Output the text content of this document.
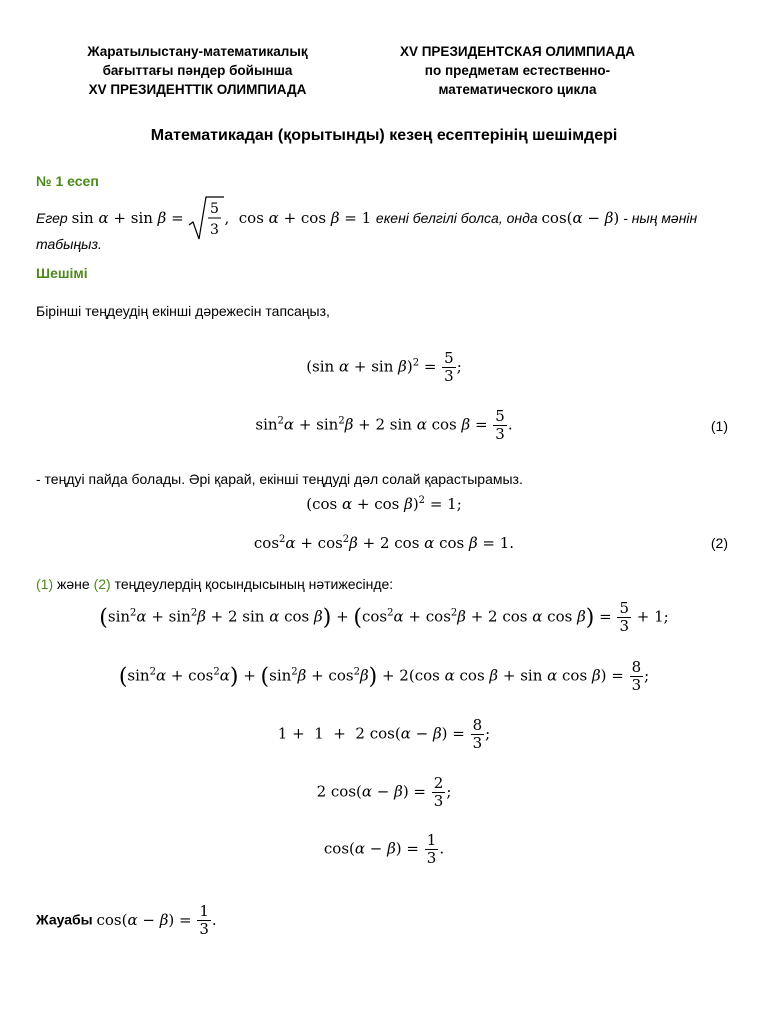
Жаратылыстану-математикалық
бағыттағы пәндер бойынша
XV ПРЕЗИДЕНТТІК ОЛИМПИАДА
XV ПРЕЗИДЕНТСКАЯ ОЛИМПИАДА
по предметам естественно-
математического цикла
Математикадан (қорытынды) кезең есептерінің шешімдері
№ 1 есеп
Егер sin α + sin β = 5
3
,  cos α + cos β = 1 екені белгілі болса, онда cos(α − β) - ның мәнін
табыңыз.
Шешімі
Бірінші теңдеудің екінші дәрежесін тапсаңыз,
(sin $\alpha + \sin \beta)^2 = \frac{5}{3}$ ;
$\sin^2\alpha + \sin^2\beta + 2$ sin α $\cos \beta = \frac{5}{3}$ .	(1)
- теңдуі пайда болады. Әрі қарай, екінші теңдуді дәл солай қарастырамыз.
(cos α + cos β)$^2$ = 1;
$\cos^2\alpha + \cos^2\beta + 2$ cos α cos β = 1.	(2)
(1) және (2) теңдеулердің қосындысының нәтижесінде:
($\sin^2\alpha + \sin^2\beta + 2$ sin α $\cos \beta) + (\cos^2\alpha + \cos^2\beta + 2$ cos α $\cos \beta) = \frac{5}{3} + 1$;
$(\sin^2\alpha + \cos^2\alpha) + (\sin^2\beta + \cos^2\beta) + 2(\cos$ α cos β + sin α $\cos \beta) = \frac{8}{3}$ ;
1 +  1  +  2 $\cos(\alpha - \beta) = \frac{8}{3}$ ;
2 $\cos(\alpha - \beta) = \frac{2}{3}$ ;
$\cos(\alpha - \beta) = \frac{1}{3}$ .
Жауабы $\cos(\alpha - \beta) = \frac{1}{3}$ .
